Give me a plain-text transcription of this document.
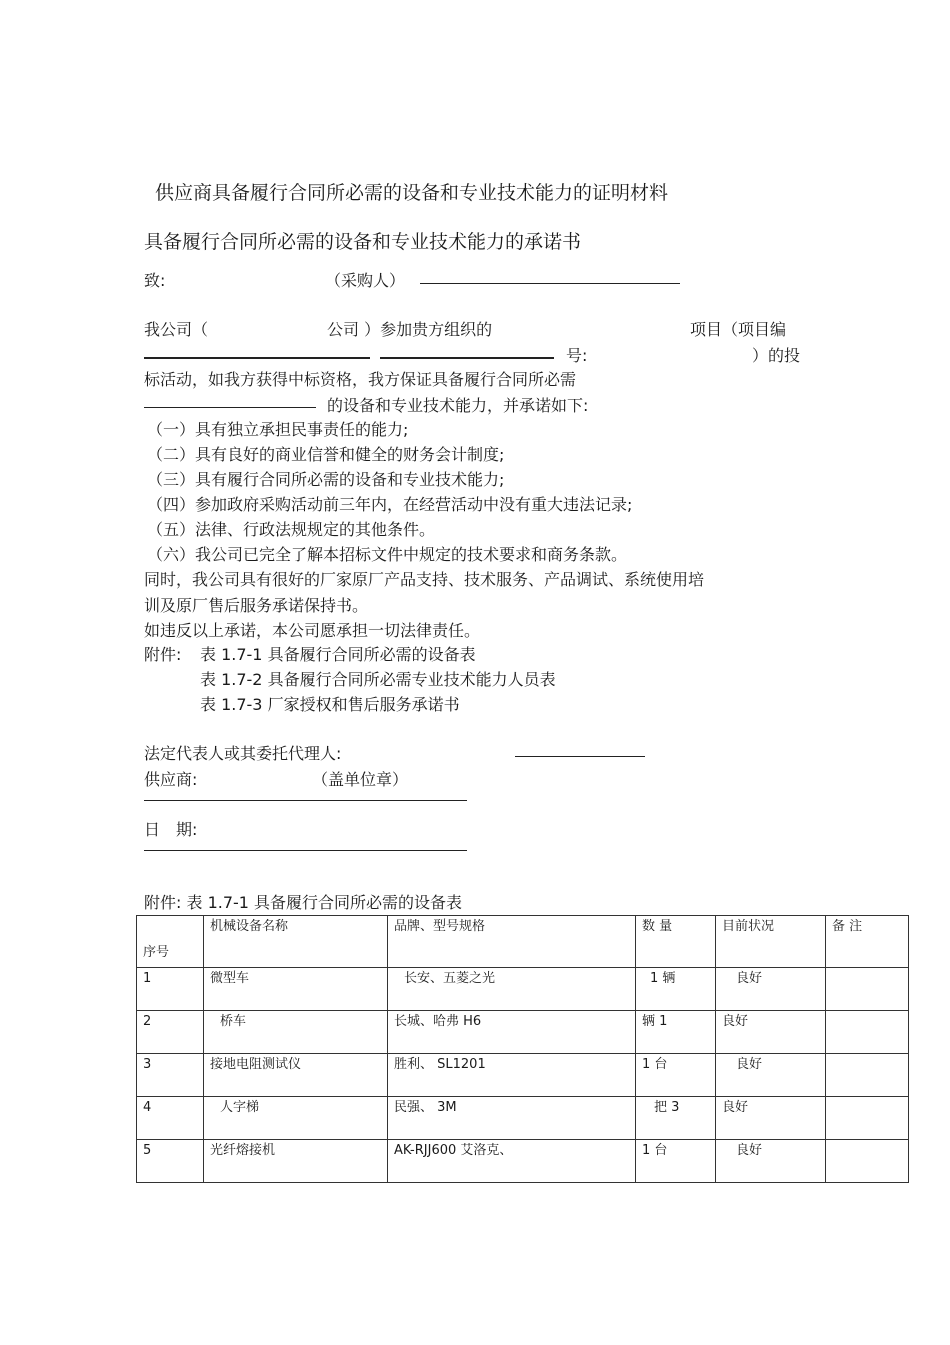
供应商具备履行合同所必需的设备和专业技术能力的证明材料
具备履行合同所必需的设备和专业技术能力的承诺书
致:	（采购人）
我公司（	公司 ）参加贵方组织的	项目（项目编
号:	）的投
标活动，如我方获得中标资格，我方保证具备履行合同所必需
的设备和专业技术能力，并承诺如下:
（一）具有独立承担民事责任的能力;
（二）具有良好的商业信誉和健全的财务会计制度;
（三）具有履行合同所必需的设备和专业技术能力;
（四）参加政府采购活动前三年内，在经营活动中没有重大违法记录;
（五）法律、行政法规规定的其他条件。
（六）我公司已完全了解本招标文件中规定的技术要求和商务条款。
同时，我公司具有很好的厂家原厂产品支持、技术服务、产品调试、系统使用培
训及原厂售后服务承诺保持书。
如违反以上承诺，本公司愿承担一切法律责任。
附件: 表 1.7-1 具备履行合同所必需的设备表
表 1.7-2 具备履行合同所必需专业技术能力人员表
表 1.7-3 厂家授权和售后服务承诺书
法定代表人或其委托代理人:
供应商:	（盖单位章）
日　期:
附件: 表 1.7-1 具备履行合同所必需的设备表
序号	机械设备名称	品牌、型号规格	数 量	目前状况	备 注
1	微型车	长安、五菱之光	1 辆	良好	
2	桥车	长城、哈弗 H6	辆 1	良好	
3	接地电阻测试仪	胜利、 SL1201	1 台	良好	
4	人字梯	民强、 3M	把 3	良好	
5	光纤熔接机	AK-RJJ600 艾洛克、	1 台	良好	
